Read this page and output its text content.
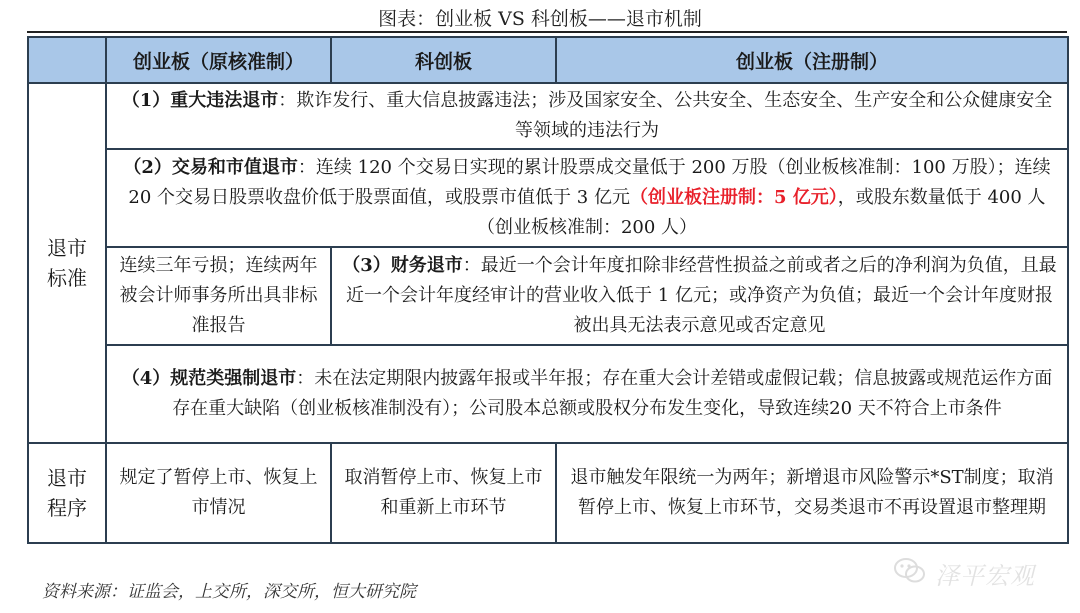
图表：创业板 VS 科创板——退市机制
	创业板（原核准制）	科创板	创业板（注册制）

退市
标准	（1）重大违法退市：欺诈发行、重大信息披露违法；涉及国家安全、公共安全、生态安全、生产安全和公众健康安全等领域的违法行为		
	（2）交易和市值退市：连续 120 个交易日实现的累计股票成交量低于 200 万股（创业板核准制：100 万股）；连续 20 个交易日股票收盘价低于股票面值，或股票市值低于 3 亿元（创业板注册制：5 亿元），或股东数量低于 400 人（创业板核准制：200 人）		
	连续三年亏损；连续两年被会计师事务所出具非标准报告	（3）财务退市：最近一个会计年度扣除非经营性损益之前或者之后的净利润为负值，且最近一个会计年度经审计的营业收入低于 1 亿元；或净资产为负值；最近一个会计年度财报被出具无法表示意见或否定意见	
	（4）规范类强制退市：未在法定期限内披露年报或半年报；存在重大会计差错或虚假记载；信息披露或规范运作方面存在重大缺陷（创业板核准制没有）；公司股本总额或股权分布发生变化，导致连续20 天不符合上市条件		

退市
程序	规定了暂停上市、恢复上市情况	取消暂停上市、恢复上市和重新上市环节	退市触发年限统一为两年；新增退市风险警示*ST制度；取消暂停上市、恢复上市环节，交易类退市不再设置退市整理期
资料来源：证监会，上交所，深交所，恒大研究院
泽平宏观
